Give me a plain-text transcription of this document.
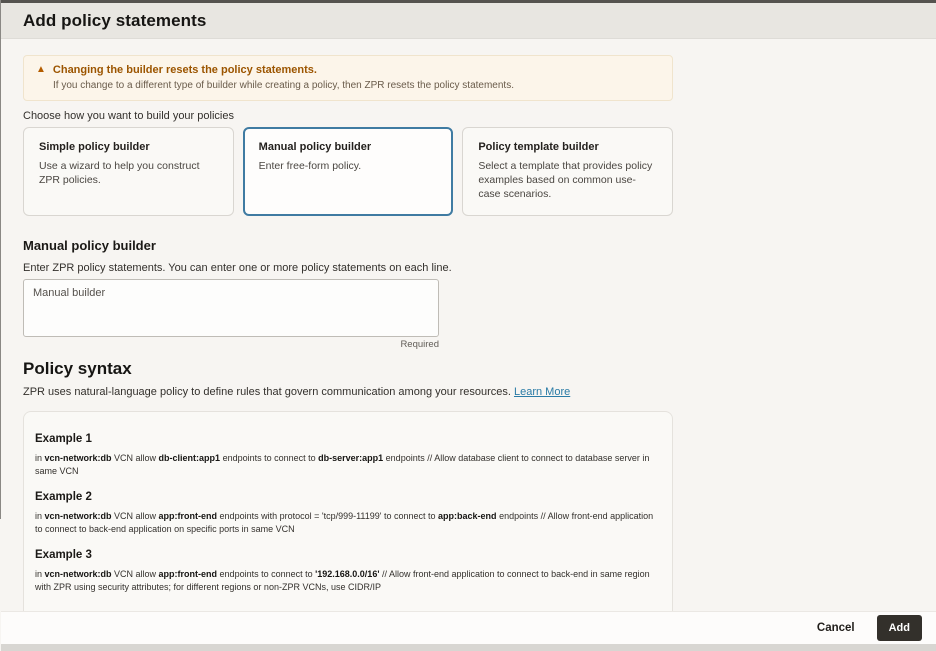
Add policy statements
▲ Changing the builder resets the policy statements.
If you change to a different type of builder while creating a policy, then ZPR resets the policy statements.
Choose how you want to build your policies
Simple policy builder
Use a wizard to help you construct ZPR policies.
Manual policy builder
Enter free-form policy.
Policy template builder
Select a template that provides policy examples based on common use-case scenarios.
Manual policy builder
Enter ZPR policy statements. You can enter one or more policy statements on each line.
Manual builder
Required
Policy syntax
ZPR uses natural-language policy to define rules that govern communication among your resources. Learn More
Example 1
in vcn-network:db VCN allow db-client:app1 endpoints to connect to db-server:app1 endpoints // Allow database client to connect to database server in same VCN
Example 2
in vcn-network:db VCN allow app:front-end endpoints with protocol = 'tcp/999-11199' to connect to app:back-end endpoints // Allow front-end application to connect to back-end application on specific ports in same VCN
Example 3
in vcn-network:db VCN allow app:front-end endpoints to connect to '192.168.0.0/16' // Allow front-end application to connect to back-end in same region with ZPR using security attributes; for different regions or non-ZPR VCNs, use CIDR/IP
Cancel	Add
